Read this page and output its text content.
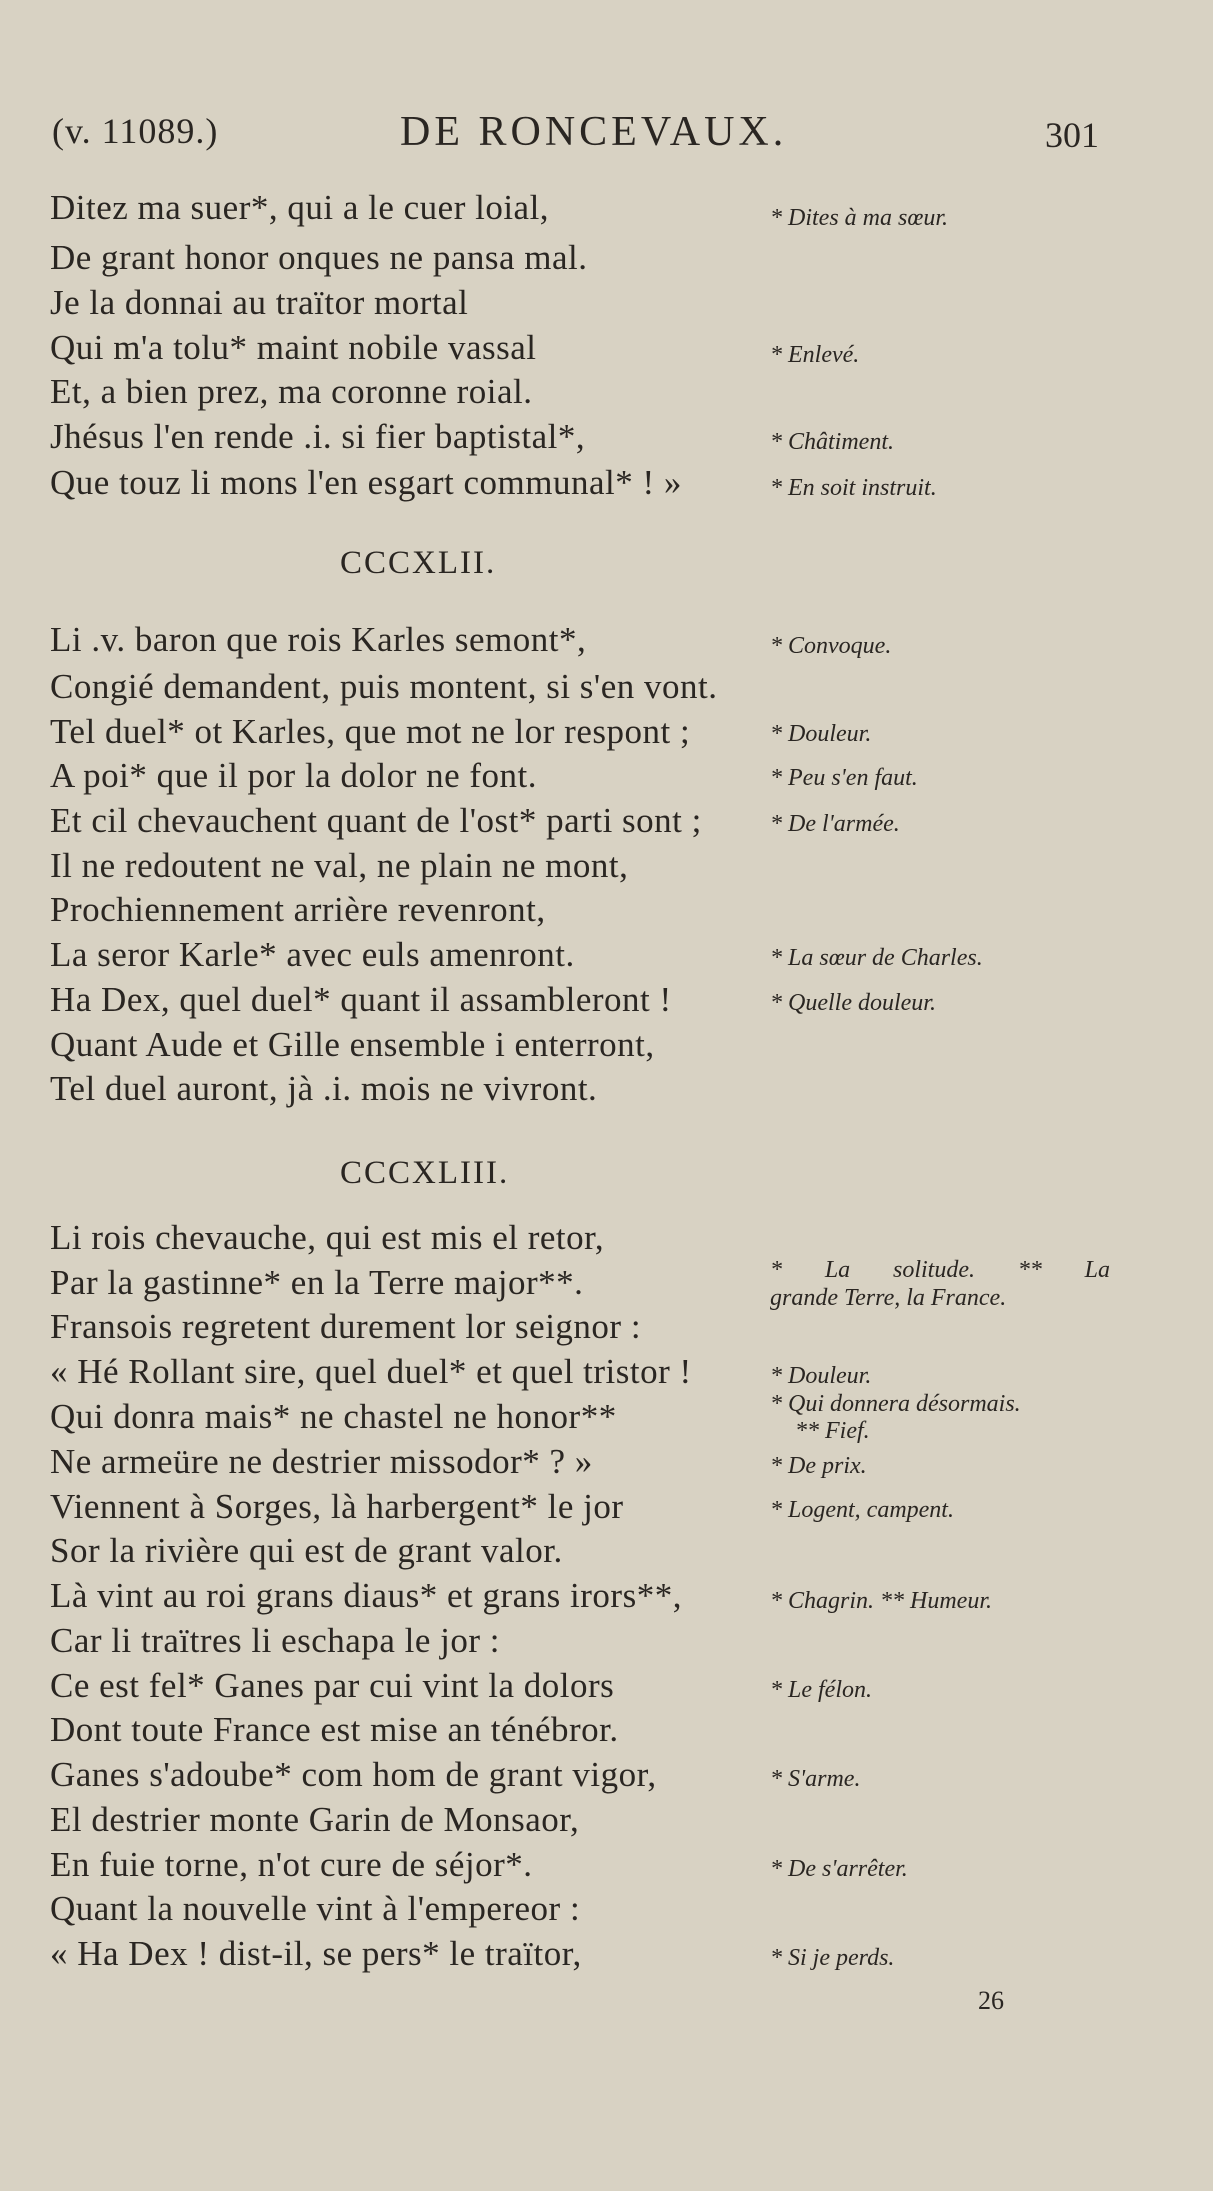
(v. 11089.)	DE RONCEVAUX.	301
Ditez ma suer*, qui a le cuer loial,
De grant honor onques ne pansa mal.
Je la donnai au traïtor mortal
Qui m'a tolu* maint nobile vassal
Et, a bien prez, ma coronne roial.
Jhésus l'en rende .i. si fier baptistal*,
Que touz li mons l'en esgart communal* ! »
CCCXLII.
Li .v. baron que rois Karles semont*,
Congié demandent, puis montent, si s'en vont.
Tel duel* ot Karles, que mot ne lor respont ;
A poi* que il por la dolor ne font.
Et cil chevauchent quant de l'ost* parti sont ;
Il ne redoutent ne val, ne plain ne mont,
Prochiennement arrière revenront,
La seror Karle* avec euls amenront.
Ha Dex, quel duel* quant il assambleront !
Quant Aude et Gille ensemble i enterront,
Tel duel auront, jà .i. mois ne vivront.
CCCXLIII.
Li rois chevauche, qui est mis el retor,
Par la gastinne* en la Terre major**.
Fransois regretent durement lor seignor :
« Hé Rollant sire, quel duel* et quel tristor !
Qui donra mais* ne chastel ne honor**
Ne armeüre ne destrier missodor* ? »
Viennent à Sorges, là harbergent* le jor
Sor la rivière qui est de grant valor.
Là vint au roi grans diaus* et grans irors**,
Car li traïtres li eschapa le jor :
Ce est fel* Ganes par cui vint la dolors
Dont toute France est mise an ténébror.
Ganes s'adoube* com hom de grant vigor,
El destrier monte Garin de Monsaor,
En fuie torne, n'ot cure de séjor*.
Quant la nouvelle vint à l'empereor :
« Ha Dex ! dist-il, se pers* le traïtor,
* Dites à ma sœur.
* Enlevé.
* Châtiment.
* En soit instruit.
* Convoque.
* Douleur.
* Peu s'en faut.
* De l'armée.
* La sœur de Charles.
* Quelle douleur.
* La solitude. ** La
grande Terre, la France.
* Douleur.
* Qui donnera désormais.
** Fief.
* De prix.
* Logent, campent.
* Chagrin. ** Humeur.
* Le félon.
* S'arme.
* De s'arrêter.
* Si je perds.
26
